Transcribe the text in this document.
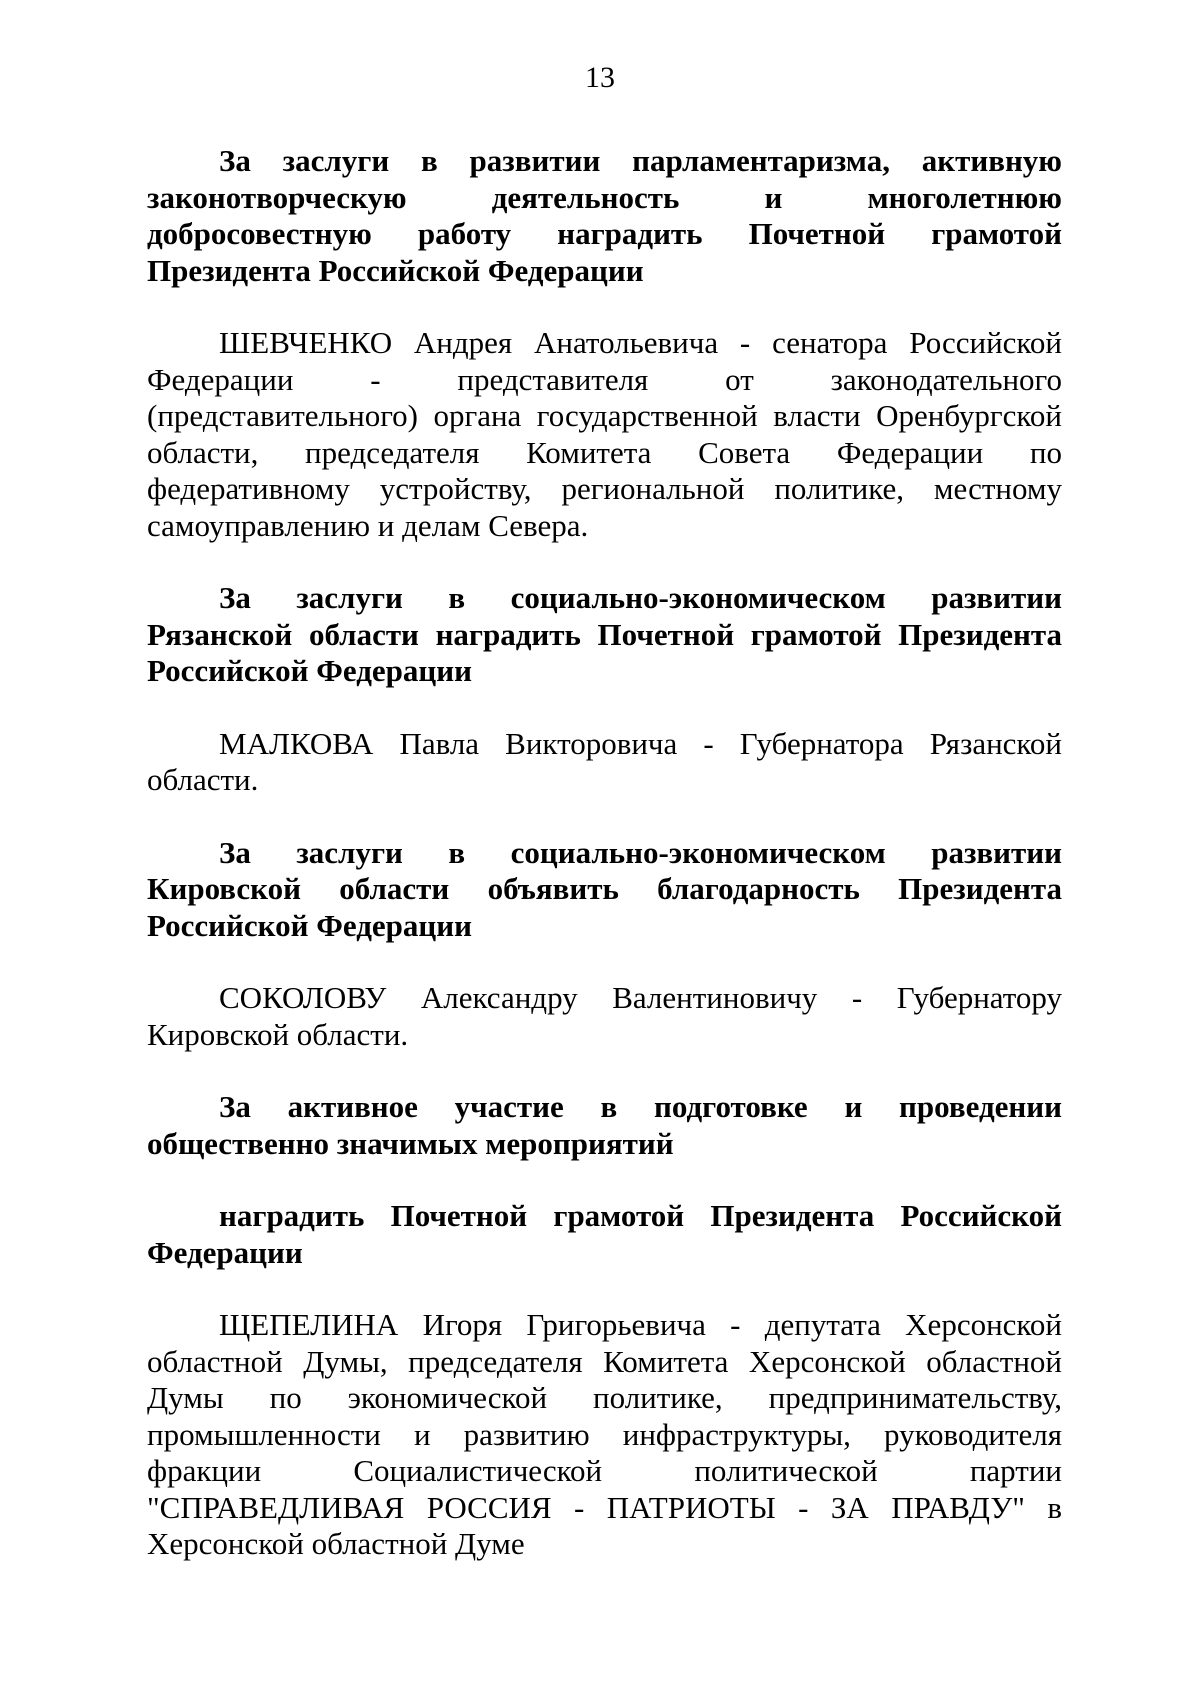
13

За заслуги в развитии парламентаризма, активную законотворческую деятельность и многолетнюю добросовестную работу наградить Почетной грамотой Президента Российской Федерации

ШЕВЧЕНКО Андрея Анатольевича - сенатора Российской Федерации - представителя от законодательного (представительного) органа государственной власти Оренбургской области, председателя Комитета Совета Федерации по федеративному устройству, региональной политике, местному самоуправлению и делам Севера.

За заслуги в социально-экономическом развитии Рязанской области наградить Почетной грамотой Президента Российской Федерации

МАЛКОВА Павла Викторовича - Губернатора Рязанской области.

За заслуги в социально-экономическом развитии Кировской области объявить благодарность Президента Российской Федерации

СОКОЛОВУ Александру Валентиновичу - Губернатору Кировской области.

За активное участие в подготовке и проведении общественно значимых мероприятий

наградить Почетной грамотой Президента Российской Федерации

ЩЕПЕЛИНА Игоря Григорьевича - депутата Херсонской областной Думы, председателя Комитета Херсонской областной Думы по экономической политике, предпринимательству, промышленности и развитию инфраструктуры, руководителя фракции Социалистической политической партии "СПРАВЕДЛИВАЯ РОССИЯ - ПАТРИОТЫ - ЗА ПРАВДУ" в Херсонской областной Думе
